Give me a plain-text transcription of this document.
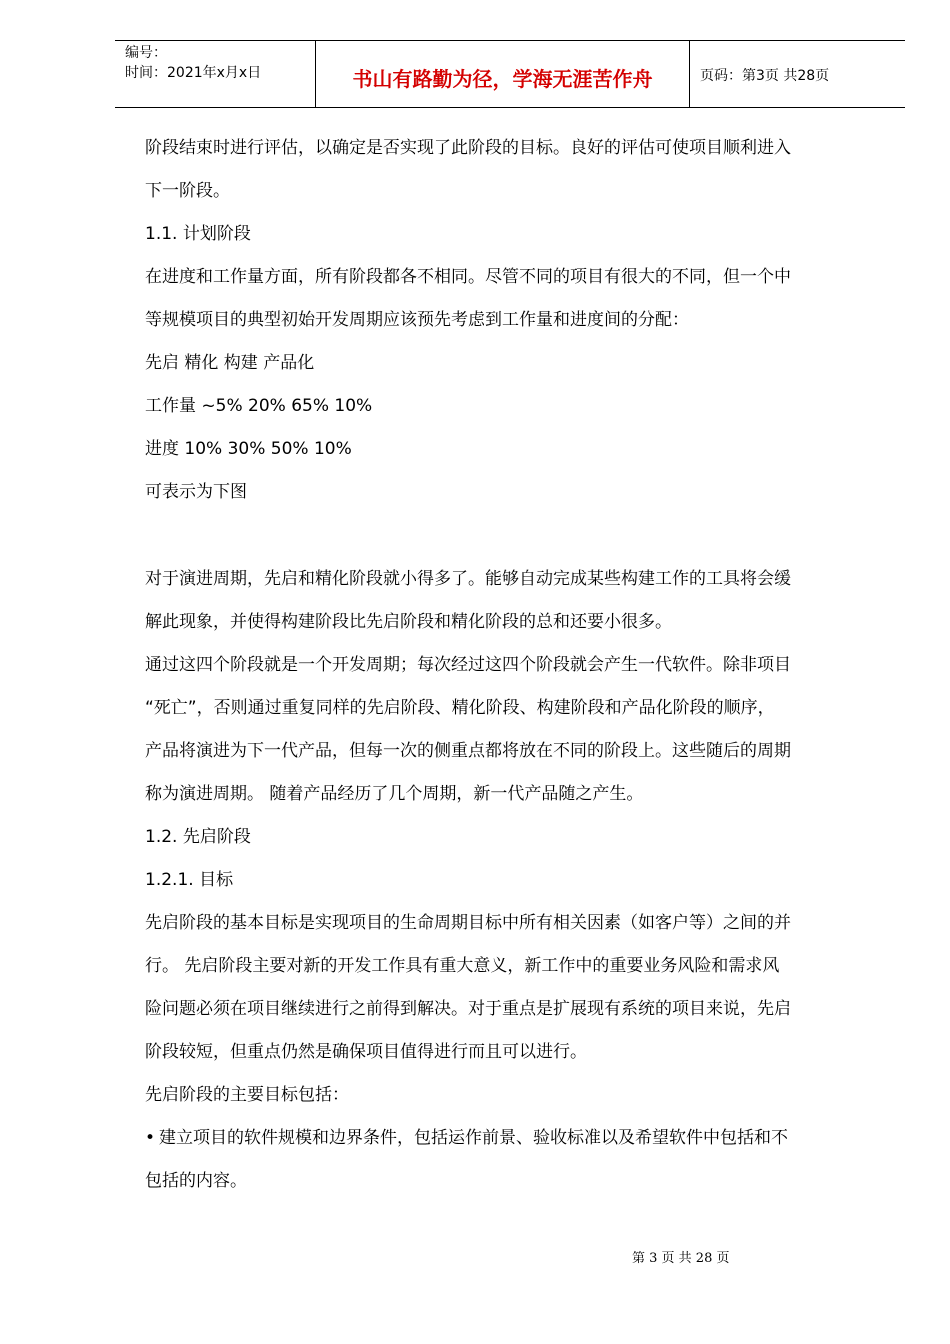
编号：
时间：2021年x月x日	书山有路勤为径，学海无涯苦作舟	页码：第3页 共28页
阶段结束时进行评估，以确定是否实现了此阶段的目标。良好的评估可使项目顺利进入
下一阶段。
1.1. 计划阶段
在进度和工作量方面，所有阶段都各不相同。尽管不同的项目有很大的不同，但一个中
等规模项目的典型初始开发周期应该预先考虑到工作量和进度间的分配：
先启 精化 构建 产品化
工作量 ~5% 20% 65% 10%
进度 10% 30% 50% 10%
可表示为下图
对于演进周期，先启和精化阶段就小得多了。能够自动完成某些构建工作的工具将会缓
解此现象，并使得构建阶段比先启阶段和精化阶段的总和还要小很多。
通过这四个阶段就是一个开发周期；每次经过这四个阶段就会产生一代软件。除非项目
“死亡”，否则通过重复同样的先启阶段、精化阶段、构建阶段和产品化阶段的顺序，
产品将演进为下一代产品，但每一次的侧重点都将放在不同的阶段上。这些随后的周期
称为演进周期。 随着产品经历了几个周期，新一代产品随之产生。
1.2. 先启阶段
1.2.1. 目标
先启阶段的基本目标是实现项目的生命周期目标中所有相关因素（如客户等）之间的并
行。 先启阶段主要对新的开发工作具有重大意义，新工作中的重要业务风险和需求风
险问题必须在项目继续进行之前得到解决。对于重点是扩展现有系统的项目来说，先启
阶段较短，但重点仍然是确保项目值得进行而且可以进行。
先启阶段的主要目标包括：
• 建立项目的软件规模和边界条件，包括运作前景、验收标准以及希望软件中包括和不
包括的内容。
第 3 页 共 28 页
